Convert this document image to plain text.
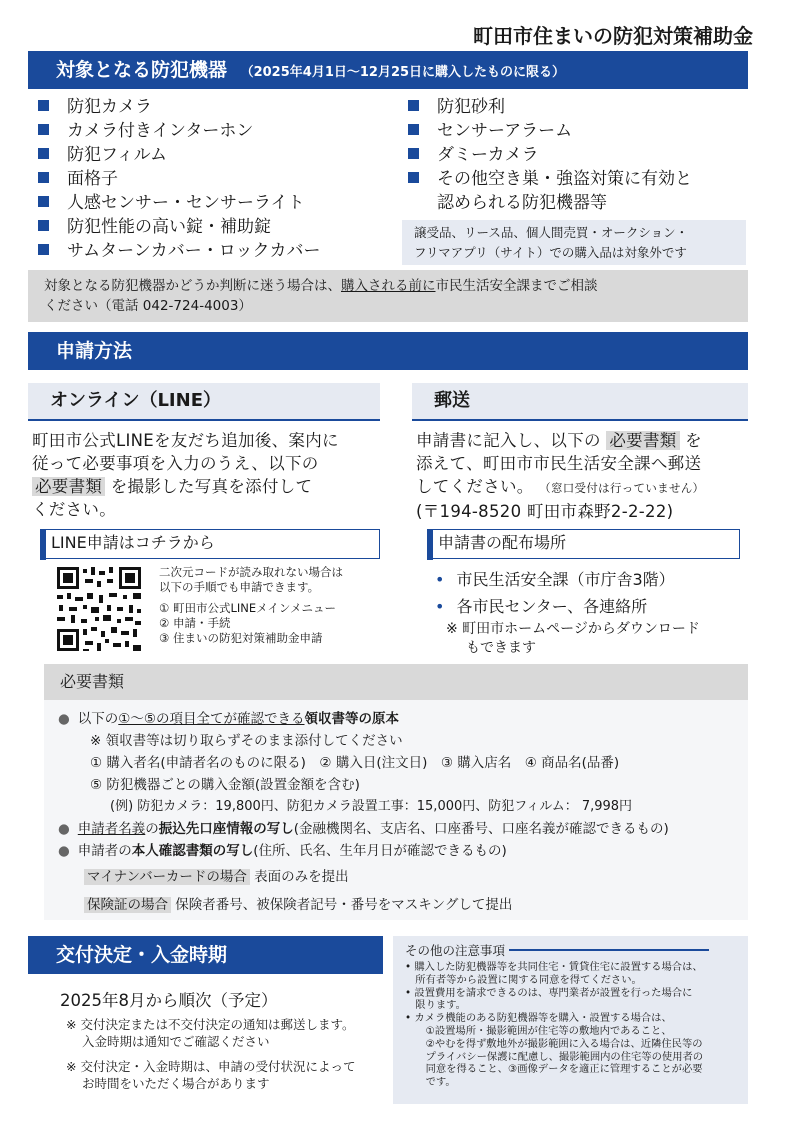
町田市住まいの防犯対策補助金
対象となる防犯機器 （2025年4月1日〜12月25日に購入したものに限る）
防犯カメラ
カメラ付きインターホン
防犯フィルム
面格子
人感センサー・センサーライト
防犯性能の高い錠・補助錠
サムターンカバー・ロックカバー
防犯砂利
センサーアラーム
ダミーカメラ
その他空き巣・強盗対策に有効と
認められる防犯機器等
譲受品、リース品、個人間売買・オークション・
フリマアプリ（サイト）での購入品は対象外です
対象となる防犯機器かどうか判断に迷う場合は、購入される前に市民生活安全課までご相談
ください（電話 042-724-4003）
申請方法
オンライン（LINE）	郵送
町田市公式LINEを友だち追加後、案内に
従って必要事項を入力のうえ、以下の
必要書類 を撮影した写真を添付して
ください。
LINE申請はコチラから
二次元コードが読み取れない場合は
以下の手順でも申請できます。
① 町田市公式LINEメインメニュー
② 申請・手続
③ 住まいの防犯対策補助金申請
申請書に記入し、以下の 必要書類 を
添えて、町田市市民生活安全課へ郵送
してください。 （窓口受付は行っていません）
(〒194-8520 町田市森野2-2-22)
申請書の配布場所
• 市民生活安全課（市庁舎3階）
• 各市民センター、各連絡所
※ 町田市ホームページからダウンロード
もできます
必要書類
● 以下の①〜⑤の項目全てが確認できる領収書等の原本
※ 領収書等は切り取らずそのまま添付してください
① 購入者名(申請者名のものに限る)　② 購入日(注文日)　③ 購入店名　④ 商品名(品番)
⑤ 防犯機器ごとの購入金額(設置金額を含む)
(例) 防犯カメラ：19,800円、防犯カメラ設置工事：15,000円、防犯フィルム： 7,998円
● 申請者名義の振込先口座情報の写し(金融機関名、支店名、口座番号、口座名義が確認できるもの)
● 申請者の本人確認書類の写し(住所、氏名、生年月日が確認できるもの)
マイナンバーカードの場合 表面のみを提出
保険証の場合 保険者番号、被保険者記号・番号をマスキングして提出
交付決定・入金時期
2025年8月から順次（予定）
※ 交付決定または不交付決定の通知は郵送します。
入金時期は通知でご確認ください
※ 交付決定・入金時期は、申請の受付状況によって
お時間をいただく場合があります
その他の注意事項
• 購入した防犯機器等を共同住宅・賃貸住宅に設置する場合は、
　所有者等から設置に関する同意を得てください。
• 設置費用を請求できるのは、専門業者が設置を行った場合に
　限ります。
• カメラ機能のある防犯機器等を購入・設置する場合は、
　　①設置場所・撮影範囲が住宅等の敷地内であること、
　　②やむを得ず敷地外が撮影範囲に入る場合は、近隣住民等の
　　プライバシー保護に配慮し、撮影範囲内の住宅等の使用者の
　　同意を得ること、③画像データを適正に管理することが必要
　　です。
